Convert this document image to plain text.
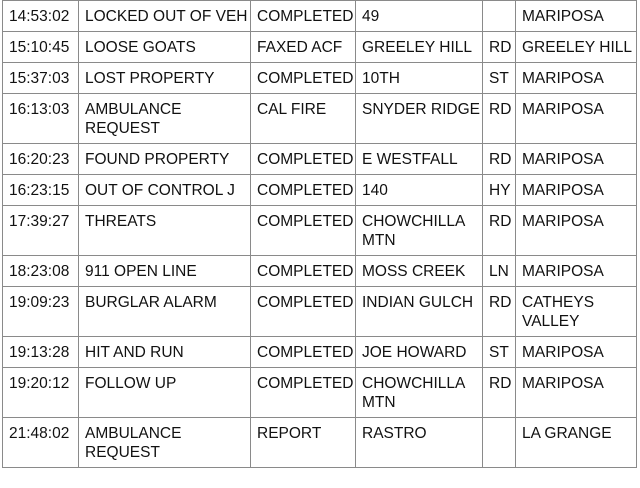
14:53:02	LOCKED OUT OF VEH	COMPLETED	49		MARIPOSA
15:10:45	LOOSE GOATS	FAXED ACF	GREELEY HILL	RD	GREELEY HILL
15:37:03	LOST PROPERTY	COMPLETED	10TH	ST	MARIPOSA
16:13:03	AMBULANCE REQUEST	CAL FIRE	SNYDER RIDGE	RD	MARIPOSA
16:20:23	FOUND PROPERTY	COMPLETED	E WESTFALL	RD	MARIPOSA
16:23:15	OUT OF CONTROL J	COMPLETED	140	HY	MARIPOSA
17:39:27	THREATS	COMPLETED	CHOWCHILLA MTN	RD	MARIPOSA
18:23:08	911 OPEN LINE	COMPLETED	MOSS CREEK	LN	MARIPOSA
19:09:23	BURGLAR ALARM	COMPLETED	INDIAN GULCH	RD	CATHEYS VALLEY
19:13:28	HIT AND RUN	COMPLETED	JOE HOWARD	ST	MARIPOSA
19:20:12	FOLLOW UP	COMPLETED	CHOWCHILLA MTN	RD	MARIPOSA
21:48:02	AMBULANCE REQUEST	REPORT	RASTRO		LA GRANGE
